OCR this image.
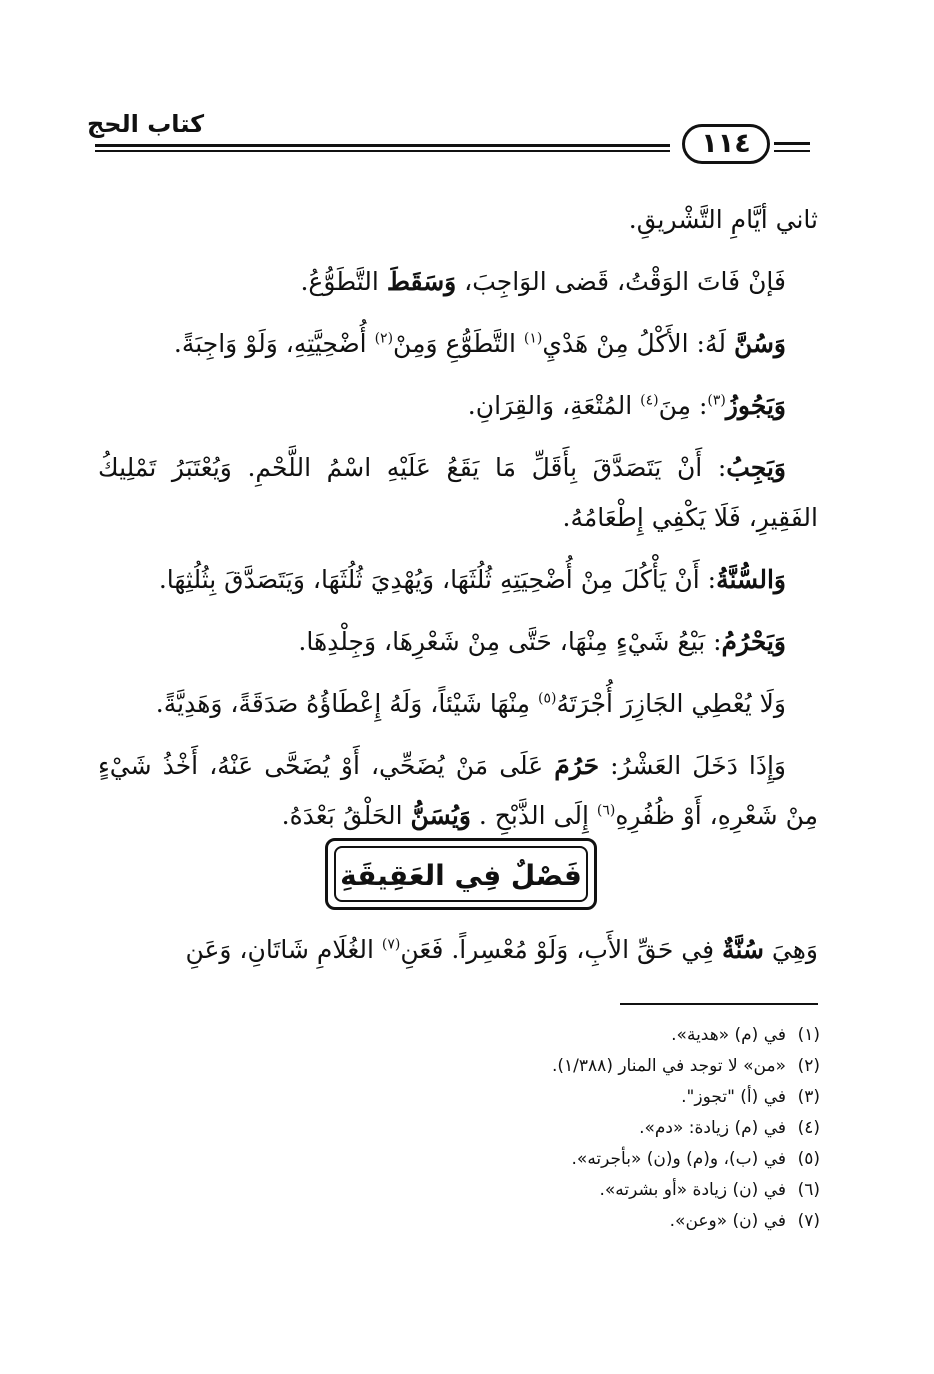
١١٤
كتاب الحج

ثاني أيَّامِ التَّشْريقِ.

فَإنْ فَاتَ الوَقْتُ، قَضى الوَاجِبَ، وَسَقَطَ التَّطَوُّعُ.

وَسُنَّ لَهُ: الأَكْلُ مِنْ هَدْيِ$^{(١)}$ التَّطَوُّعِ وَمِنْ$^{(٢)}$ أُضْحِيَّتِهِ، وَلَوْ وَاجِبَةً.

وَيَجُوزُ$^{(٣)}$: مِنَ$^{(٤)}$ المُتْعَةِ، وَالقِرَانِ.

وَيَجِبُ: أَنْ يَتَصَدَّقَ بِأَقَلِّ مَا يَقَعُ عَلَيْهِ اسْمُ اللَّحْمِ. وَيُعْتَبَرُ تَمْلِيكُ الفَقِيرِ، فَلَا يَكْفِي إِطْعَامُهُ.

وَالسُّنَّةُ: أَنْ يَأْكُلَ مِنْ أُضْحِيَتِهِ ثُلُثَهَا، وَيُهْدِيَ ثُلُثَهَا، وَيَتَصَدَّقَ بِثُلُثِهَا.

وَيَحْرُمُ: بَيْعُ شَيْءٍ مِنْهَا، حَتَّى مِنْ شَعْرِهَا، وَجِلْدِهَا.

وَلَا يُعْطِي الجَازِرَ أُجْرَتَهُ$^{(٥)}$ مِنْهَا شَيْئاً، وَلَهُ إِعْطَاؤُهُ صَدَقَةً، وَهَدِيَّةً.

وَإِذَا دَخَلَ العَشْرُ: حَرُمَ عَلَى مَنْ يُضَحِّي، أَوْ يُضَحَّى عَنْهُ، أَخْذُ شَيْءٍ مِنْ شَعْرِهِ، أَوْ ظُفُرِهِ$^{(٦)}$ إِلَى الذَّبْحِ . وَيُسَنُّ الحَلْقُ بَعْدَهُ.

فَصْلٌ فِي العَقِيقَةِ

وَهِيَ سُنَّةٌ فِي حَقِّ الأَبِ، وَلَوْ مُعْسِراً. فَعَنِ$^{(٧)}$ الغُلَامِ شَاتَانِ، وَعَنِ

(١)في (م) «هدية».
(٢)«من» لا توجد في المنار (١/٣٨٨).
(٣)في (أ) "تجوز".
(٤)في (م) زيادة: «دم».
(٥)في (ب)، و(م) و(ن) «بأجرته».
(٦)في (ن) زيادة «أو بشرته».
(٧)في (ن) «وعن».
